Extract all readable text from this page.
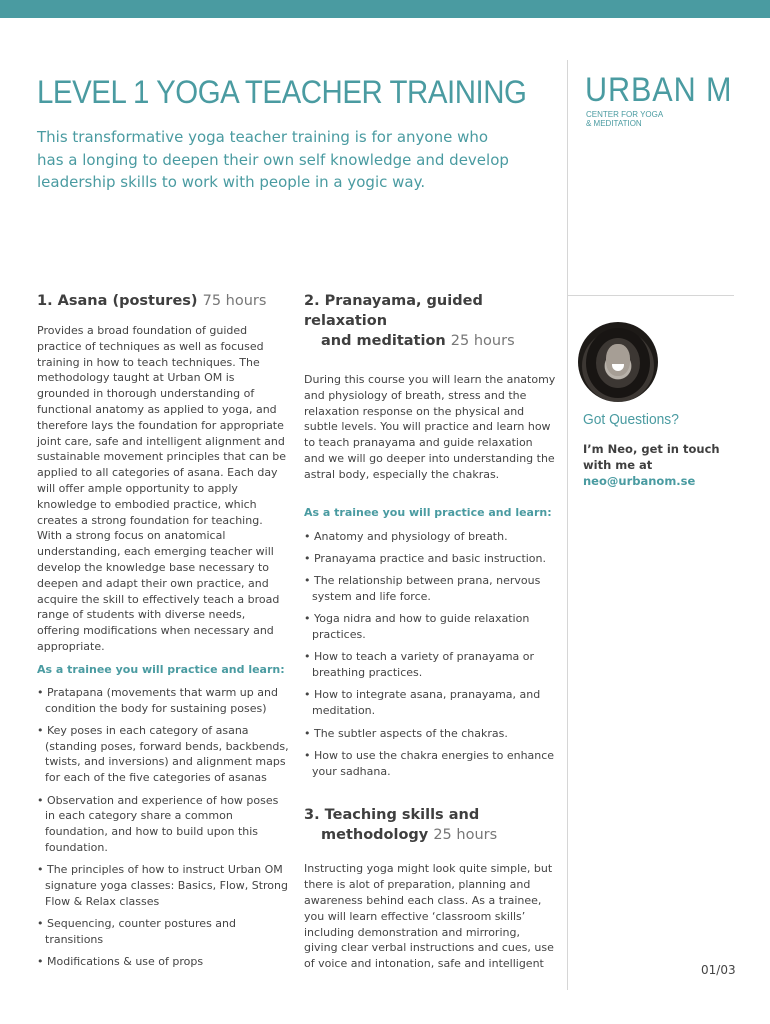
LEVEL 1 YOGA TEACHER TRAINING

This transformative yoga teacher training is for anyone who has a longing to deepen their own self knowledge and develop leadership skills to work with people in a yogic way.

URBAN M
CENTER FOR YOGA
& MEDITATION
1. Asana (postures) 75 hours

Provides a broad foundation of guided practice of techniques as well as focused training in how to teach techniques. The methodology taught at Urban OM is grounded in thorough understanding of functional anatomy as applied to yoga, and therefore lays the foundation for appropriate joint care, safe and intelligent alignment and sustainable movement principles that can be applied to all categories of asana. Each day will offer ample opportunity to apply knowledge to embodied practice, which creates a strong foundation for teaching. With a strong focus on anatomical understanding, each emerging teacher will develop the knowledge base necessary to deepen and adapt their own practice, and acquire the skill to effectively teach a broad range of students with diverse needs, offering modifications when necessary and appropriate.

As a trainee you will practice and learn:

• Pratapana (movements that warm up and condition the body for sustaining poses)
• Key poses in each category of asana (standing poses, forward bends, backbends, twists, and inversions) and alignment maps for each of the five categories of asanas
• Observation and experience of how poses in each category share a common foundation, and how to build upon this foundation.
• The principles of how to instruct Urban OM signature yoga classes: Basics, Flow, Strong Flow & Relax classes
• Sequencing, counter postures and transitions
• Modifications & use of props
2. Pranayama, guided relaxation
and meditation 25 hours

During this course you will learn the anatomy and physiology of breath, stress and the relaxation response on the physical and subtle levels. You will practice and learn how to teach pranayama and guide relaxation and we will go deeper into understanding the astral body, especially the chakras.

As a trainee you will practice and learn:

• Anatomy and physiology of breath.
• Pranayama practice and basic instruction.
• The relationship between prana, nervous system and life force.
• Yoga nidra and how to guide relaxation practices.
• How to teach a variety of pranayama or breathing practices.
• How to integrate asana, pranayama, and meditation.
• The subtler aspects of the chakras.
• How to use the chakra energies to enhance your sadhana.
3. Teaching skills and
methodology 25 hours

Instructing yoga might look quite simple, but there is alot of preparation, planning and awareness behind each class. As a trainee, you will learn effective ‘classroom skills’ including demonstration and mirroring, giving clear verbal instructions and cues, use of voice and intonation, safe and intelligent

Got Questions?

I’m Neo, get in touch with me at
neo@urbanom.se

01/03
